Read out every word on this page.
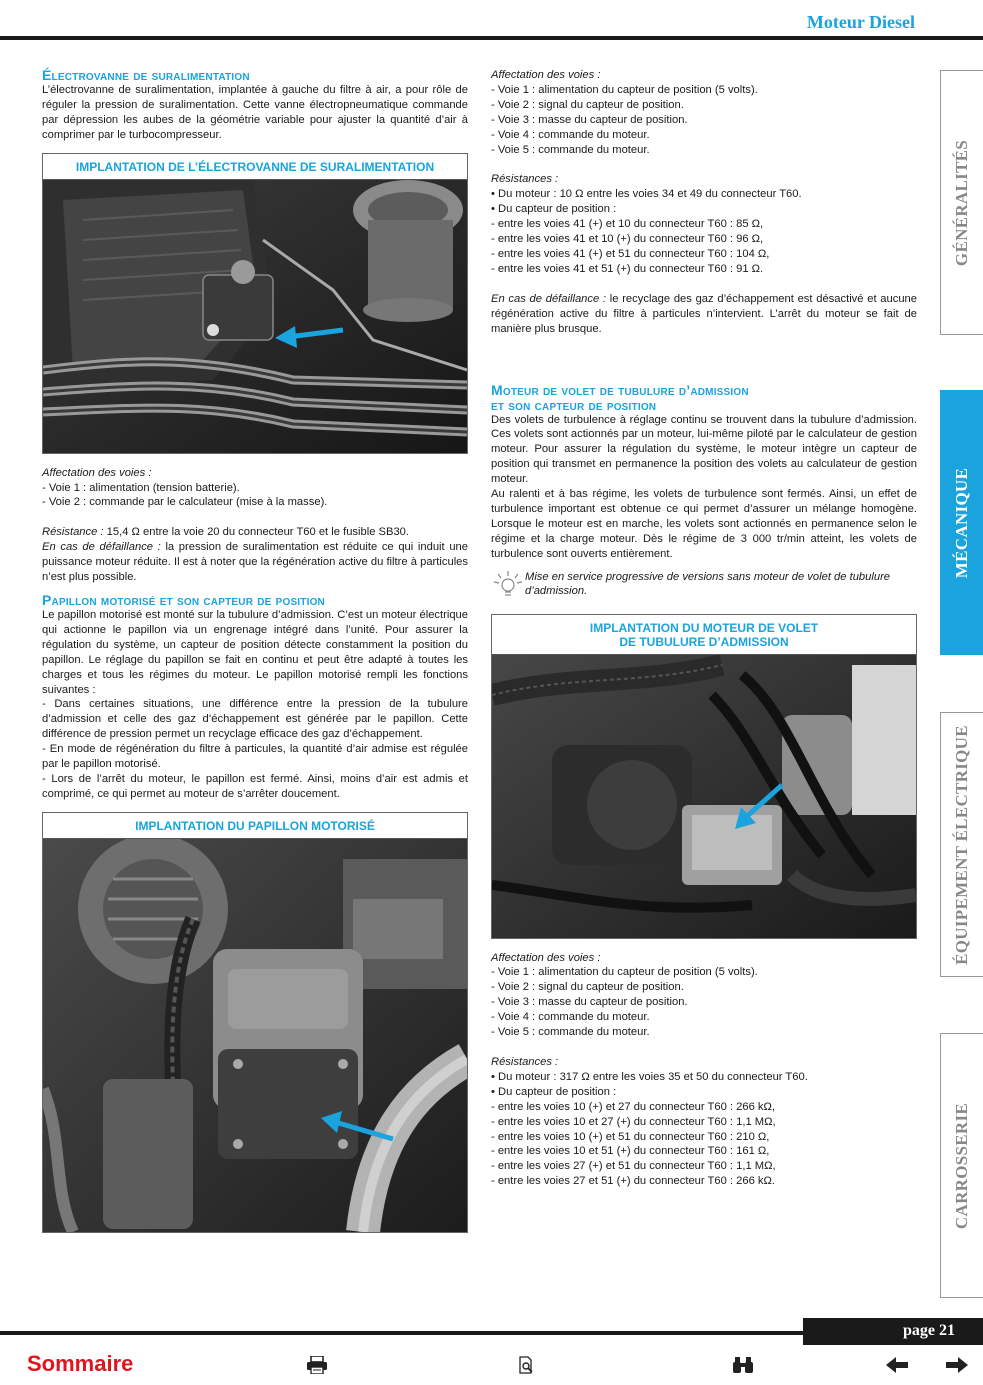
Moteur Diesel
GÉNÉRALITÉS
MÉCANIQUE
ÉQUIPEMENT ÉLECTRIQUE
CARROSSERIE
Électrovanne de suralimentation

L’électrovanne de suralimentation, implantée à gauche du filtre à air, a pour rôle de réguler la pression de suralimentation. Cette vanne électropneumatique commande par dépression les aubes de la géométrie variable pour ajuster la quantité d’air à comprimer par le turbocompresseur.

IMPLANTATION DE L’ÉLECTROVANNE DE SURALIMENTATION
Affectation des voies :
- Voie 1 : alimentation (tension batterie).
- Voie 2 : commande par le calculateur (mise à la masse).

Résistance : 15,4 Ω entre la voie 20 du connecteur T60 et le fusible SB30.

En cas de défaillance : la pression de suralimentation est réduite ce qui induit une puissance moteur réduite. Il est à noter que la régénération active du filtre à particules n’est plus possible.

Papillon motorisé et son capteur de position

Le papillon motorisé est monté sur la tubulure d’admission. C’est un moteur électrique qui actionne le papillon via un engrenage intégré dans l’unité. Pour assurer la régulation du système, un capteur de position détecte constamment la position du papillon. Le réglage du papillon se fait en continu et peut être adapté à toutes les charges et tous les régimes du moteur. Le papillon motorisé rempli les fonctions suivantes :

- Dans certaines situations, une différence entre la pression de la tubulure d’admission et celle des gaz d’échappement est générée par le papillon. Cette différence de pression permet un recyclage efficace des gaz d’échappement.

- En mode de régénération du filtre à particules, la quantité d’air admise est régulée par le papillon motorisé.

- Lors de l’arrêt du moteur, le papillon est fermé. Ainsi, moins d’air est admis et comprimé, ce qui permet au moteur de s’arrêter doucement.

IMPLANTATION DU PAPILLON MOTORISÉ
Affectation des voies :
- Voie 1 : alimentation du capteur de position (5 volts).
- Voie 2 : signal du capteur de position.
- Voie 3 : masse du capteur de position.
- Voie 4 : commande du moteur.
- Voie 5 : commande du moteur.
Résistances :
• Du moteur : 10 Ω entre les voies 34 et 49 du connecteur T60.
• Du capteur de position :
- entre les voies 41 (+) et 10 du connecteur T60 : 85 Ω,
- entre les voies 41 et 10 (+) du connecteur T60 : 96 Ω,
- entre les voies 41 (+) et 51 du connecteur T60 : 104 Ω,
- entre les voies 41 et 51 (+) du connecteur T60 : 91 Ω.

En cas de défaillance : le recyclage des gaz d’échappement est désactivé et aucune régénération active du filtre à particules n’intervient. L’arrêt du moteur se fait de manière plus brusque.

Moteur de volet de tubulure d’admission
et son capteur de position

Des volets de turbulence à réglage continu se trouvent dans la tubulure d’admission. Ces volets sont actionnés par un moteur, lui-même piloté par le calculateur de gestion moteur. Pour assurer la régulation du système, le moteur intègre un capteur de position qui transmet en permanence la position des volets au calculateur de gestion moteur.

Au ralenti et à bas régime, les volets de turbulence sont fermés. Ainsi, un effet de turbulence important est obtenue ce qui permet d’assurer un mélange homogène. Lorsque le moteur est en marche, les volets sont actionnés en permanence selon le régime et la charge moteur. Dès le régime de 3 000 tr/min atteint, les volets de turbulence sont ouverts entièrement.

Mise en service progressive de versions sans moteur de volet de tubulure d’admission.
IMPLANTATION DU MOTEUR DE VOLET
DE TUBULURE D’ADMISSION
Affectation des voies :
- Voie 1 : alimentation du capteur de position (5 volts).
- Voie 2 : signal du capteur de position.
- Voie 3 : masse du capteur de position.
- Voie 4 : commande du moteur.
- Voie 5 : commande du moteur.
Résistances :
• Du moteur : 317 Ω entre les voies 35 et 50 du connecteur T60.
• Du capteur de position :
- entre les voies 10 (+) et 27 du connecteur T60 : 266 kΩ,
- entre les voies 10 et 27 (+) du connecteur T60 : 1,1 MΩ,
- entre les voies 10 (+) et 51 du connecteur T60 : 210 Ω,
- entre les voies 10 et 51 (+) du connecteur T60 : 161 Ω,
- entre les voies 27 (+) et 51 du connecteur T60 : 1,1 MΩ,
- entre les voies 27 et 51 (+) du connecteur T60 : 266 kΩ.
page 21
Sommaire
